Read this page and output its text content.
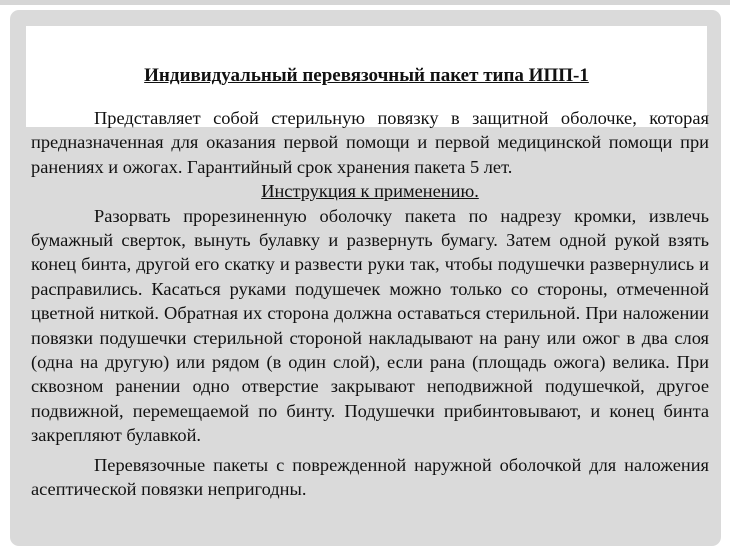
Индивидуальный перевязочный пакет типа ИПП-1

Представляет собой стерильную повязку в защитной оболочке, которая предназначенная для оказания первой помощи и первой медицинской помощи при ранениях и ожогах. Гарантийный срок хранения пакета 5 лет.

Инструкция к применению.

Разорвать прорезиненную оболочку пакета по надрезу кромки, извлечь бумажный сверток, вынуть булавку и развернуть бумагу. Затем одной рукой взять конец бинта, другой его скатку и развести руки так, чтобы подушечки развернулись и расправились. Касаться руками подушечек можно только со стороны, отмеченной цветной ниткой. Обратная их сторона должна оставаться стерильной. При наложении повязки подушечки стерильной стороной накладывают на рану или ожог в два слоя (одна на другую) или рядом (в один слой), если рана (площадь ожога) велика. При сквозном ранении одно отверстие закрывают неподвижной подушечкой, другое подвижной, перемещаемой по бинту. Подушечки прибинтовывают, и конец бинта закрепляют булавкой.

Перевязочные пакеты с поврежденной наружной оболочкой для наложения асептической повязки непригодны.
